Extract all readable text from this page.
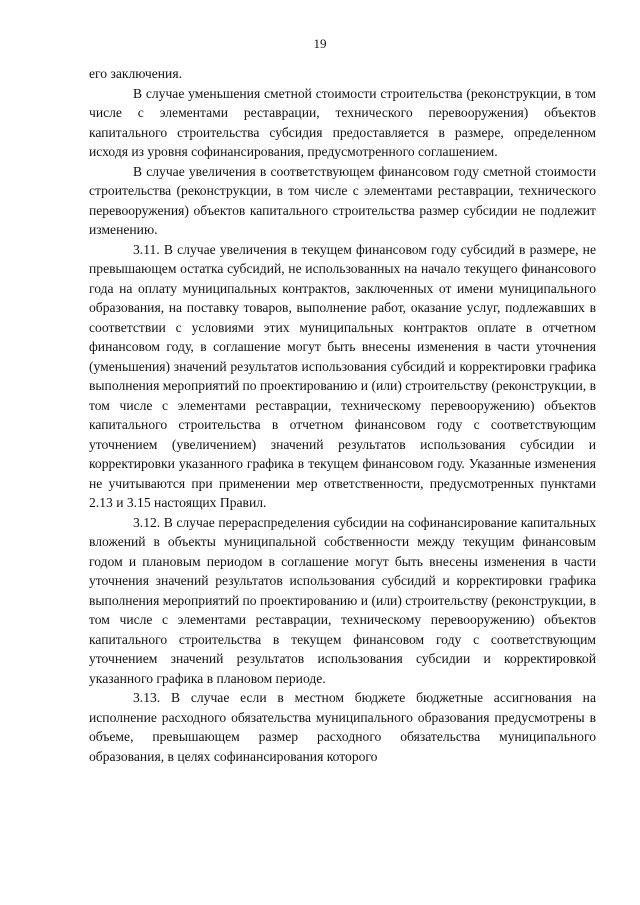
19

его заключения.

В случае уменьшения сметной стоимости строительства (реконструкции, в том числе с элементами реставрации, технического перевооружения) объектов капитального строительства субсидия предоставляется в размере, определенном исходя из уровня софинансирования, предусмотренного соглашением.

В случае увеличения в соответствующем финансовом году сметной стоимости строительства (реконструкции, в том числе с элементами реставрации, технического перевооружения) объектов капитального строительства размер субсидии не подлежит изменению.

3.11. В случае увеличения в текущем финансовом году субсидий в размере, не превышающем остатка субсидий, не использованных на начало текущего финансового года на оплату муниципальных контрактов, заключенных от имени муниципального образования, на поставку товаров, выполнение работ, оказание услуг, подлежавших в соответствии с условиями этих муниципальных контрактов оплате в отчетном финансовом году, в соглашение могут быть внесены изменения в части уточнения (уменьшения) значений результатов использования субсидий и корректировки графика выполнения мероприятий по проектированию и (или) строительству (реконструкции, в том числе с элементами реставрации, техническому перевооружению) объектов капитального строительства в отчетном финансовом году с соответствующим уточнением (увеличением) значений результатов использования субсидии и корректировки указанного графика в текущем финансовом году. Указанные изменения не учитываются при применении мер ответственности, предусмотренных пунктами 2.13 и 3.15 настоящих Правил.

3.12. В случае перераспределения субсидии на софинансирование капитальных вложений в объекты муниципальной собственности между текущим финансовым годом и плановым периодом в соглашение могут быть внесены изменения в части уточнения значений результатов использования субсидий и корректировки графика выполнения мероприятий по проектированию и (или) строительству (реконструкции, в том числе с элементами реставрации, техническому перевооружению) объектов капитального строительства в текущем финансовом году с соответствующим уточнением значений результатов использования субсидии и корректировкой указанного графика в плановом периоде.

3.13. В случае если в местном бюджете бюджетные ассигнования на исполнение расходного обязательства муниципального образования предусмотрены в объеме, превышающем размер расходного обязательства муниципального образования, в целях софинансирования которого
